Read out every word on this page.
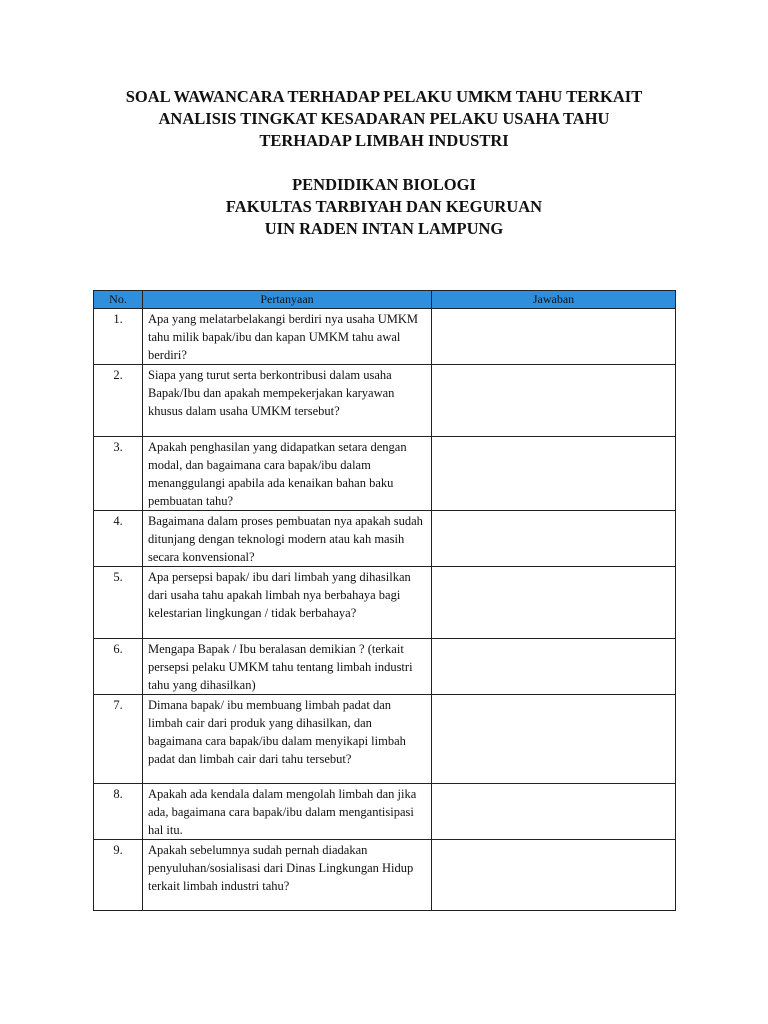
SOAL WAWANCARA TERHADAP PELAKU UMKM TAHU TERKAIT
ANALISIS TINGKAT KESADARAN PELAKU USAHA TAHU
TERHADAP LIMBAH INDUSTRI
PENDIDIKAN BIOLOGI
FAKULTAS TARBIYAH DAN KEGURUAN
UIN RADEN INTAN LAMPUNG
No.	Pertanyaan	Jawaban
1.	Apa yang melatarbelakangi berdiri nya usaha UMKM tahu milik bapak/ibu dan kapan UMKM tahu awal berdiri?	
2.	Siapa yang turut serta berkontribusi dalam usaha Bapak/Ibu dan apakah mempekerjakan karyawan khusus dalam usaha UMKM tersebut?	
3.	Apakah penghasilan yang didapatkan setara dengan modal, dan bagaimana cara bapak/ibu dalam menanggulangi apabila ada kenaikan bahan baku pembuatan tahu?	
4.	Bagaimana dalam proses pembuatan nya apakah sudah ditunjang dengan teknologi modern atau kah masih secara konvensional?	
5.	Apa persepsi bapak/ ibu dari limbah yang dihasilkan dari usaha tahu apakah limbah nya berbahaya bagi kelestarian lingkungan / tidak berbahaya?	
6.	Mengapa Bapak / Ibu beralasan demikian ? (terkait persepsi pelaku UMKM tahu tentang limbah industri tahu yang dihasilkan)	
7.	Dimana bapak/ ibu membuang limbah padat dan limbah cair dari produk yang dihasilkan, dan bagaimana cara bapak/ibu dalam menyikapi limbah padat dan limbah cair dari tahu tersebut?	
8.	Apakah ada kendala dalam mengolah limbah dan jika ada, bagaimana cara bapak/ibu dalam mengantisipasi hal itu.	
9.	Apakah sebelumnya sudah pernah diadakan penyuluhan/sosialisasi dari Dinas Lingkungan Hidup terkait limbah industri tahu?	
